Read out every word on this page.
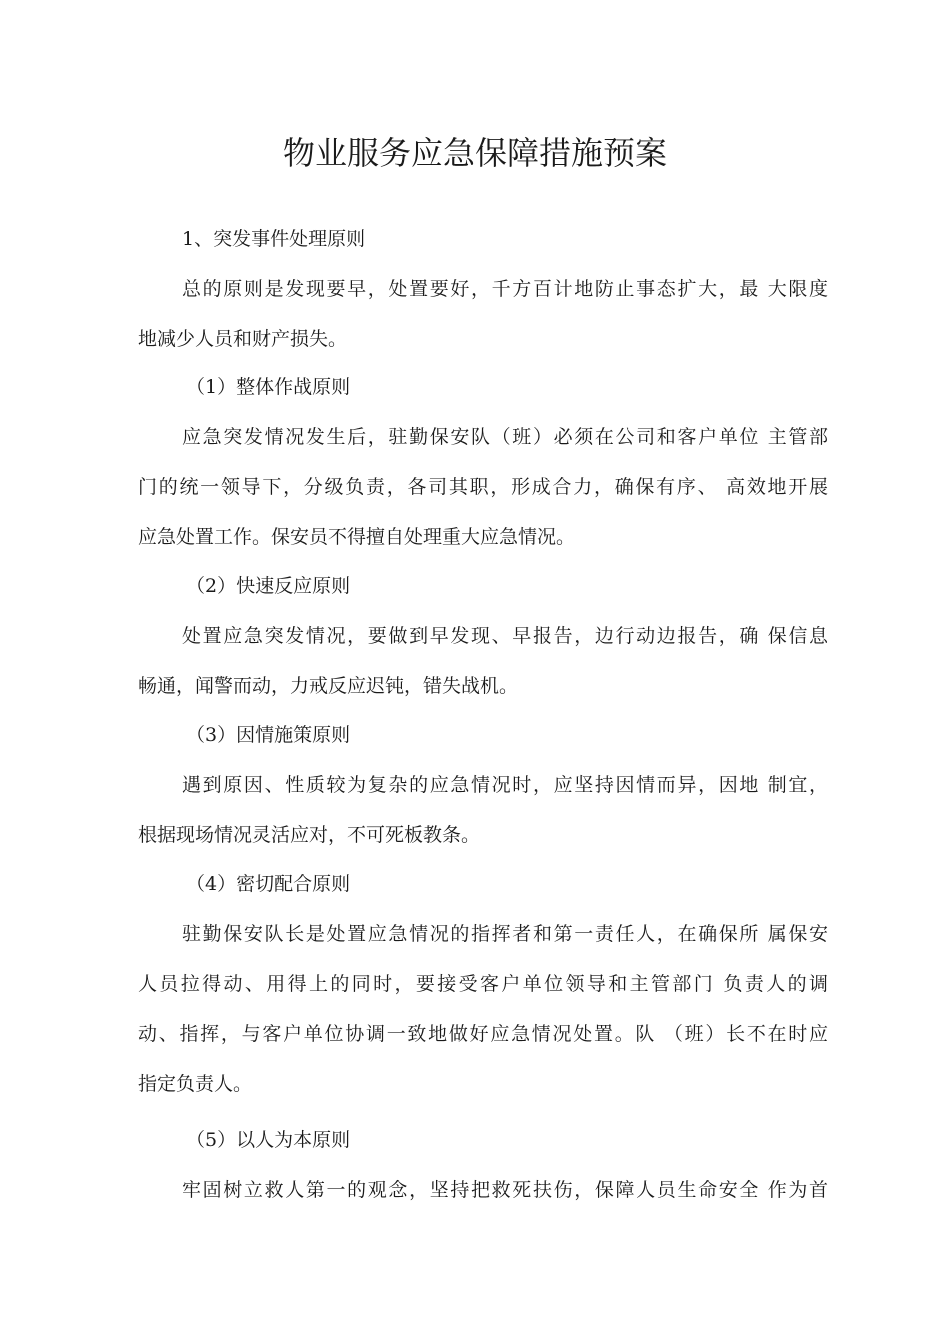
物业服务应急保障措施预案
1、突发事件处理原则
总的原则是发现要早，处置要好，千方百计地防止事态扩大，最 大限度
地减少人员和财产损失。
（1）整体作战原则
应急突发情况发生后，驻勤保安队（班）必须在公司和客户单位 主管部
门的统一领导下，分级负责，各司其职，形成合力，确保有序、 高效地开展
应急处置工作。保安员不得擅自处理重大应急情况。
（2）快速反应原则
处置应急突发情况，要做到早发现、早报告，边行动边报告，确 保信息
畅通，闻警而动，力戒反应迟钝，错失战机。
（3）因情施策原则
遇到原因、性质较为复杂的应急情况时，应坚持因情而异，因地 制宜，
根据现场情况灵活应对，不可死板教条。
（4）密切配合原则
驻勤保安队长是处置应急情况的指挥者和第一责任人，在确保所 属保安
人员拉得动、用得上的同时，要接受客户单位领导和主管部门 负责人的调
动、指挥，与客户单位协调一致地做好应急情况处置。队 （班）长不在时应
指定负责人。
（5）以人为本原则
牢固树立救人第一的观念，坚持把救死扶伤，保障人员生命安全 作为首
